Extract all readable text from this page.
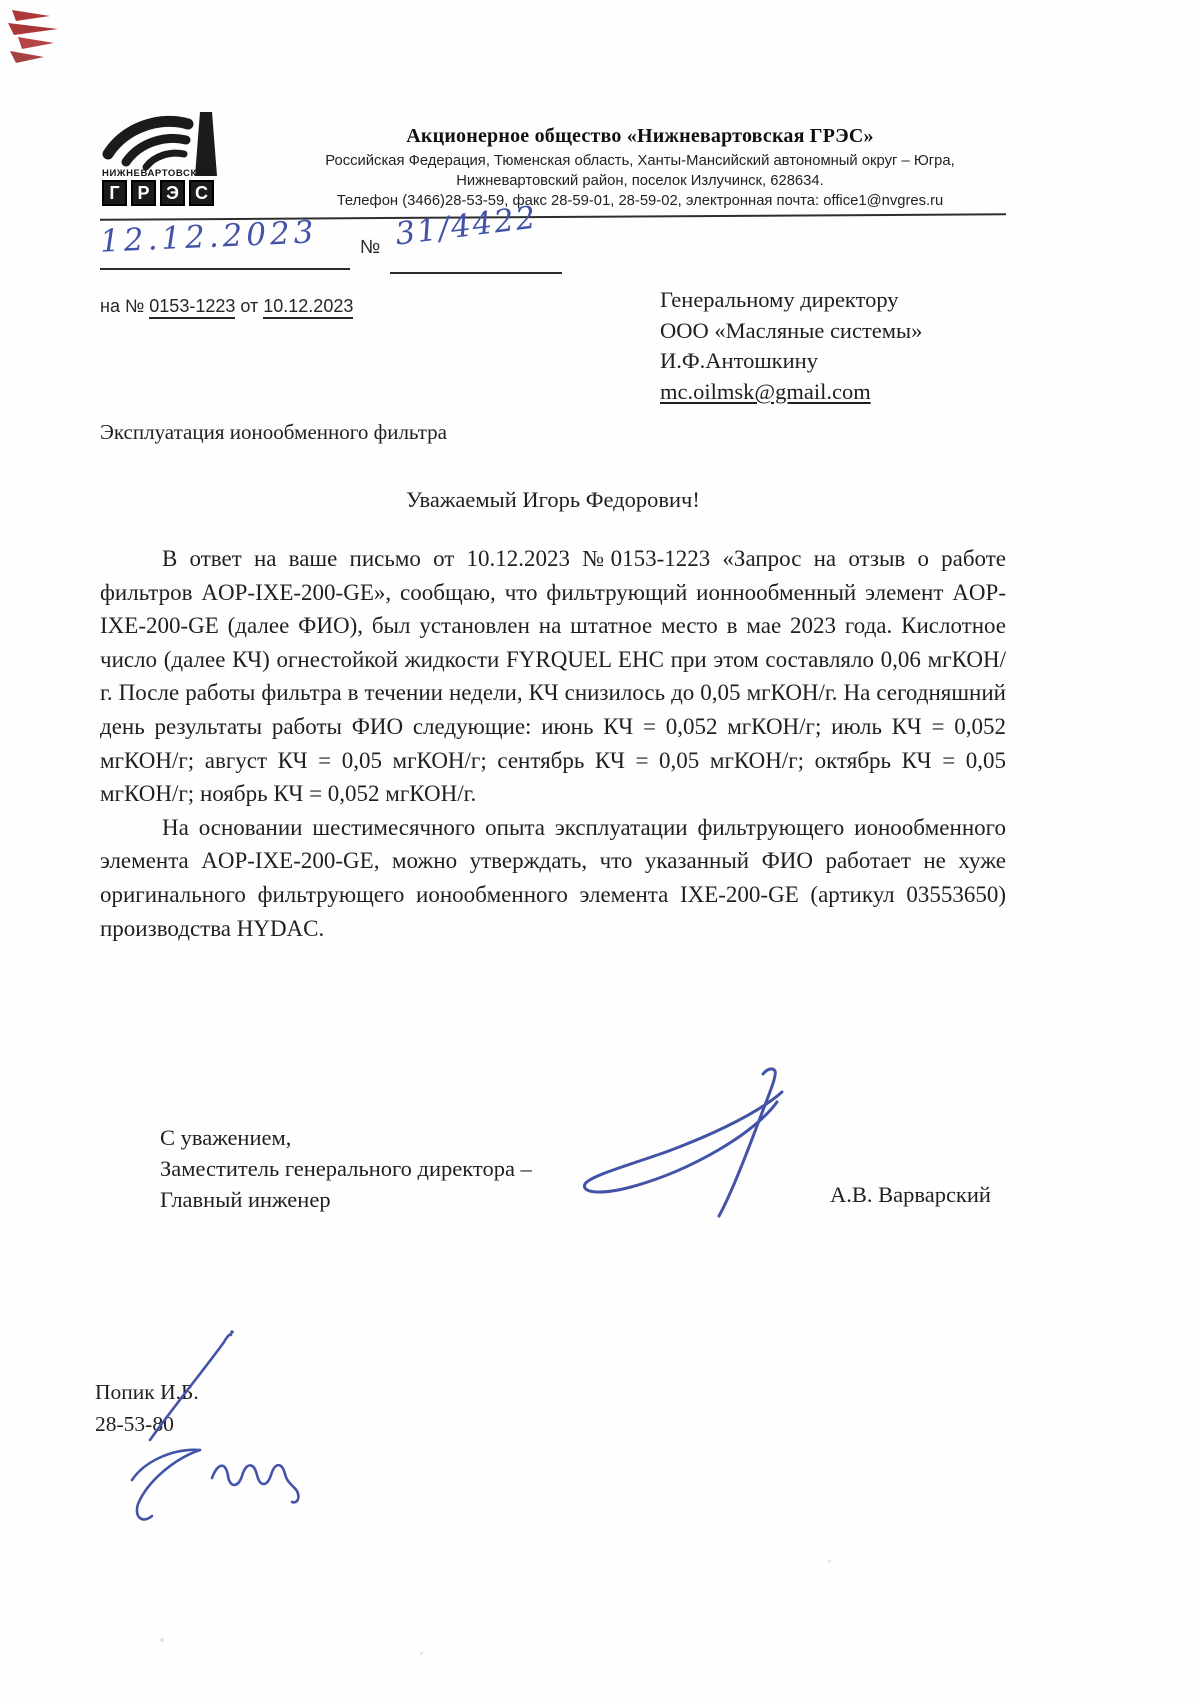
НИЖНЕВАРТОВСКАЯ
Г Р Э С
Акционерное общество «Нижневартовская ГРЭС»
Российская Федерация, Тюменская область, Ханты-Мансийский автономный округ – Югра,
Нижневартовский район, поселок Излучинск, 628634.
Телефон (3466)28-53-59, факс 28-59-01, 28-59-02, электронная почта: office1@nvgres.ru
12.12.2023 № 31/4422
на № 0153-1223 от 10.12.2023	Генеральному директору
ООО «Масляные системы»
И.Ф.Антошкину
mc.oilmsk@gmail.com
Эксплуатация ионообменного фильтра
Уважаемый Игорь Федорович!

В ответ на ваше письмо от 10.12.2023 №0153-1223 «Запрос на отзыв о работе фильтров AOP-IXE-200-GE», сообщаю, что фильтрующий ионнообменный элемент AOP-IXE-200-GE (далее ФИО), был установлен на штатное место в мае 2023 года. Кислотное число (далее КЧ) огнестойкой жидкости FYRQUEL EHC при этом составляло 0,06 мгКОН/г. После работы фильтра в течении недели, КЧ снизилось до 0,05 мгКОН/г. На сегодняшний день результаты работы ФИО следующие: июнь КЧ = 0,052 мгКОН/г; июль КЧ = 0,052 мгКОН/г; август КЧ = 0,05 мгКОН/г; сентябрь КЧ = 0,05 мгКОН/г; октябрь КЧ = 0,05 мгКОН/г; ноябрь КЧ = 0,052 мгКОН/г.

На основании шестимесячного опыта эксплуатации фильтрующего ионообменного элемента AOP-IXE-200-GE, можно утверждать, что указанный ФИО работает не хуже оригинального фильтрующего ионообменного элемента IXE-200-GE (артикул 03553650) производства HYDAC.

С уважением,
Заместитель генерального директора –
Главный инженер	А.В. Варварский
Попик И.Б.
28-53-80
